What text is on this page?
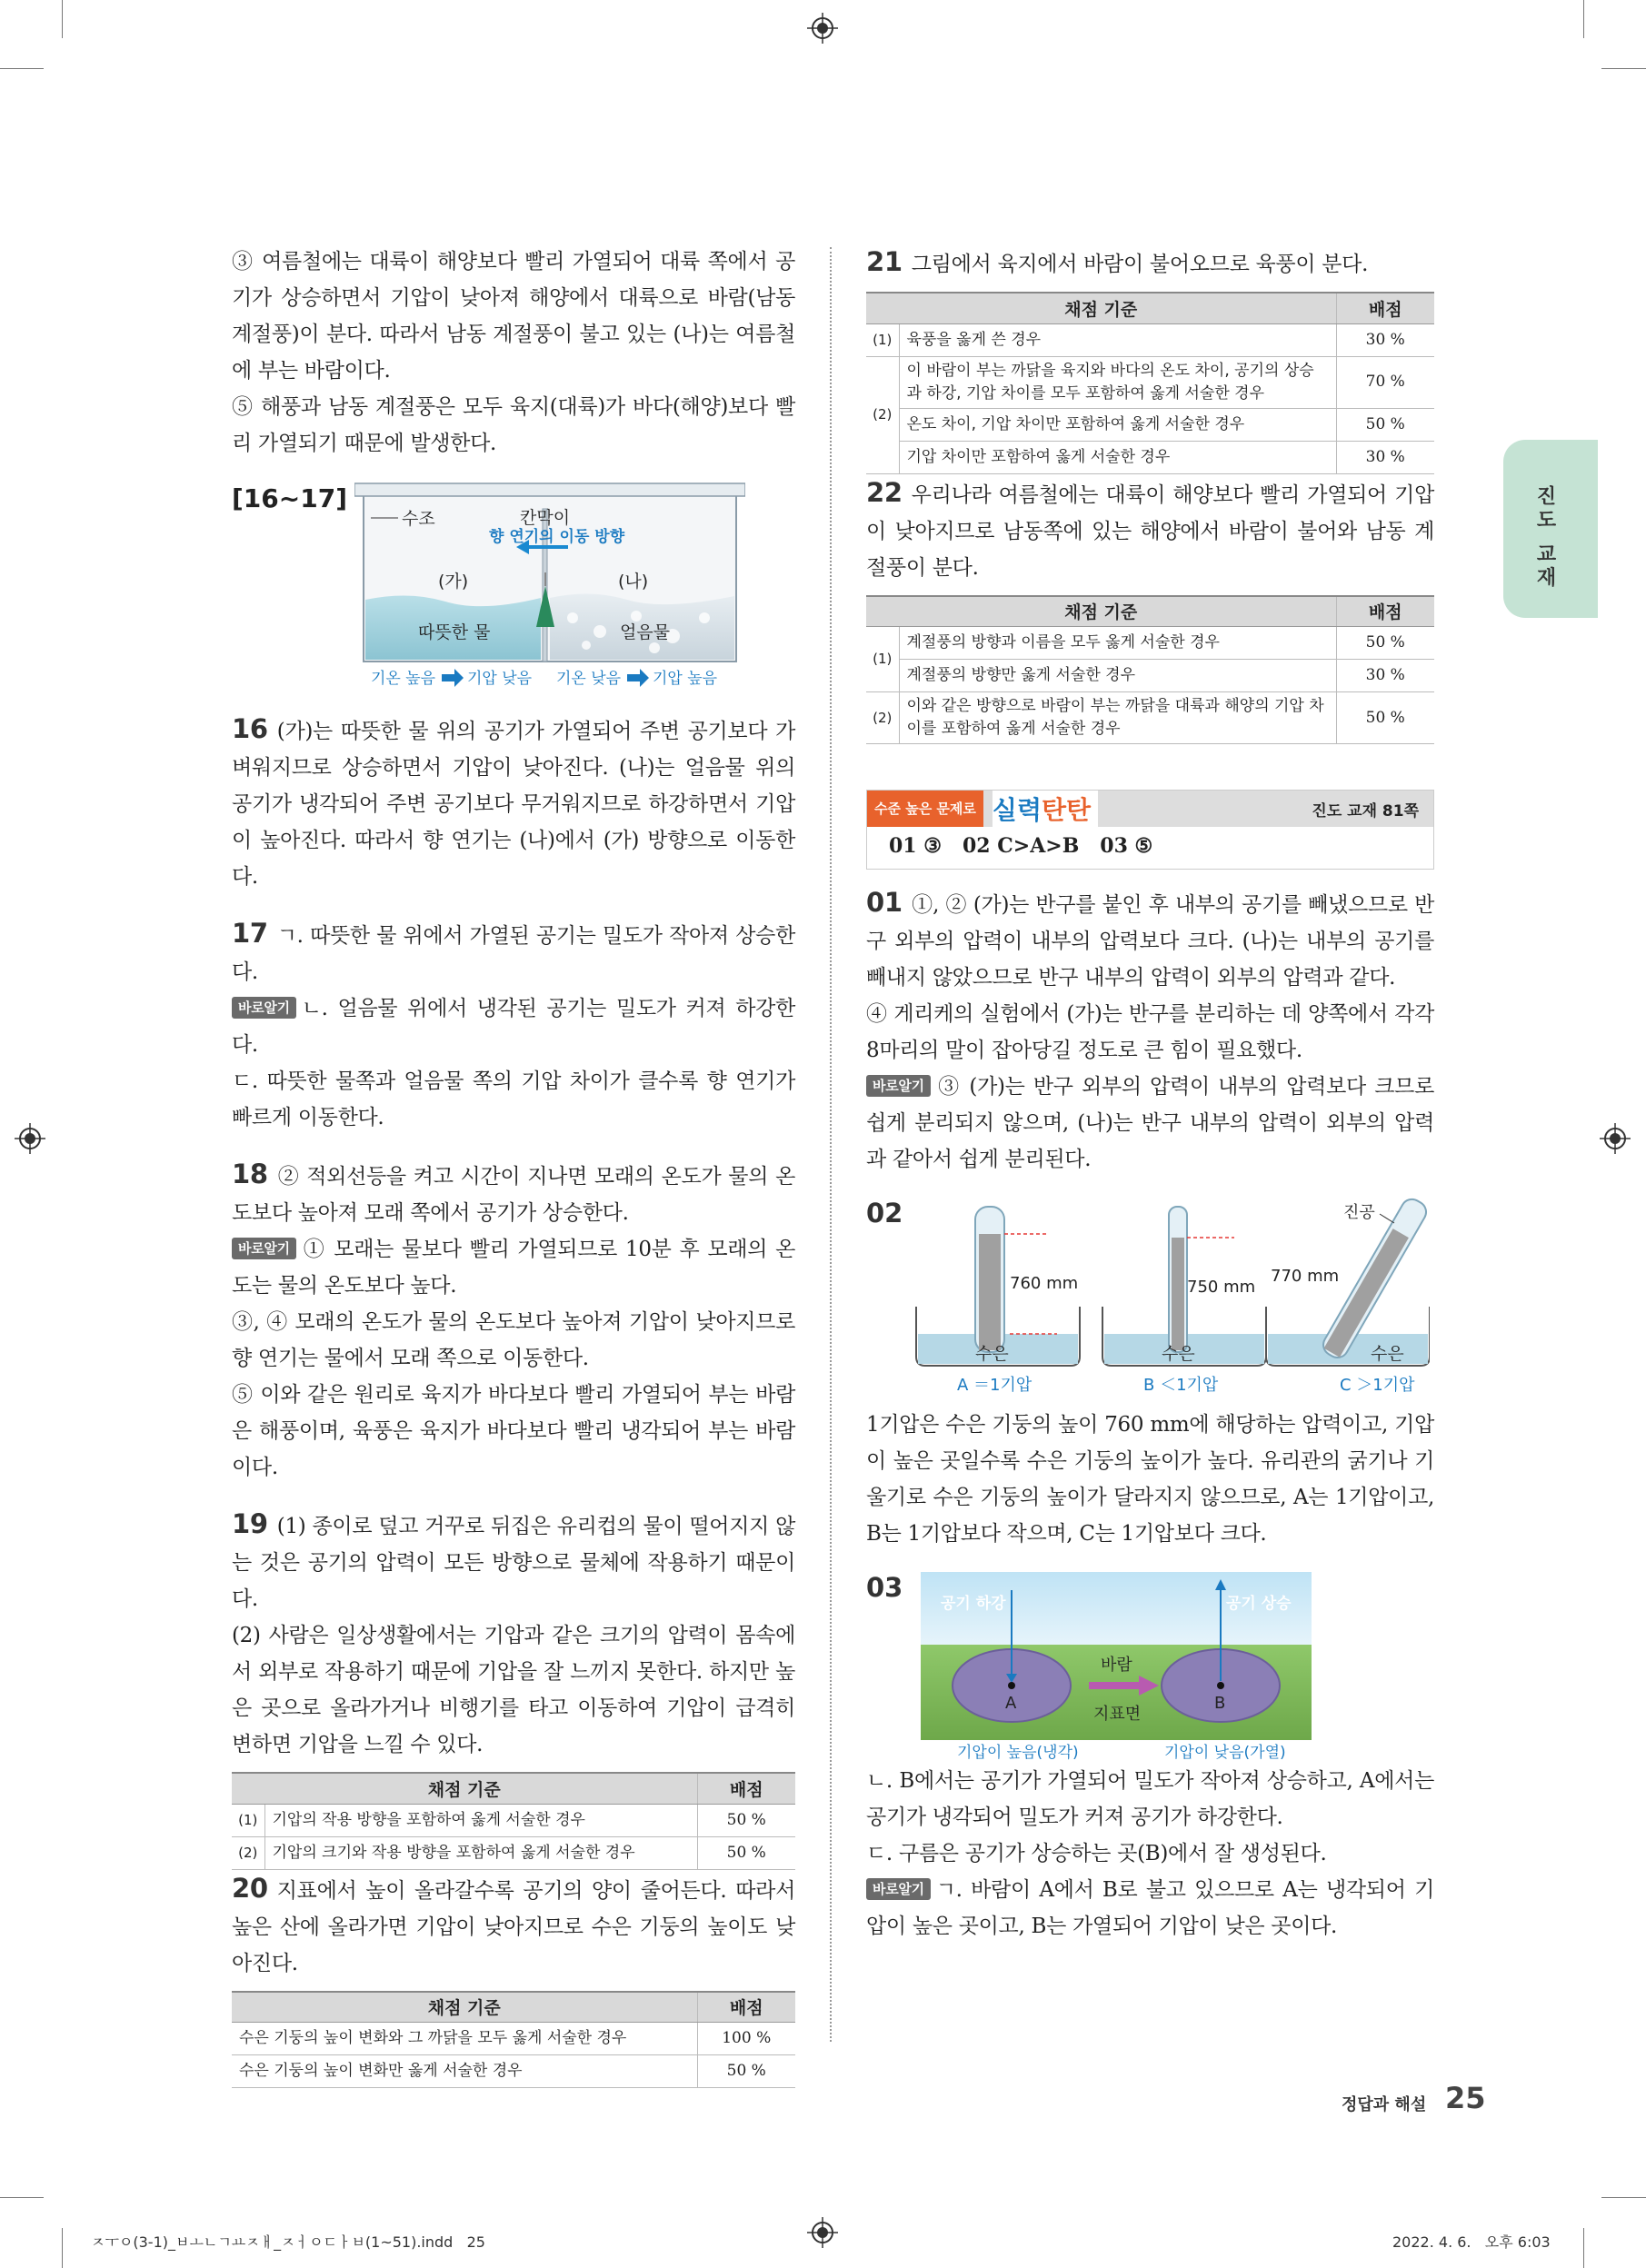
진도 교재

③ 여름철에는 대륙이 해양보다 빨리 가열되어 대륙 쪽에서 공기가 상승하면서 기압이 낮아져 해양에서 대륙으로 바람(남동 계절풍)이 분다. 따라서 남동 계절풍이 불고 있는 (나)는 여름철에 부는 바람이다.

⑤ 해풍과 남동 계절풍은 모두 육지(대륙)가 바다(해양)보다 빨리 가열되기 때문에 발생한다.

[16~17]
수조	칸막이
향 연기의 이동 방향
(가)	(나)
따뜻한 물	얼음물
기온 높음 기압 낮음 기온 낮음 기압 높음

16 (가)는 따뜻한 물 위의 공기가 가열되어 주변 공기보다 가벼워지므로 상승하면서 기압이 낮아진다. (나)는 얼음물 위의 공기가 냉각되어 주변 공기보다 무거워지므로 하강하면서 기압이 높아진다. 따라서 향 연기는 (나)에서 (가) 방향으로 이동한다.

17 ㄱ. 따뜻한 물 위에서 가열된 공기는 밀도가 작아져 상승한다.

바로알기 ㄴ. 얼음물 위에서 냉각된 공기는 밀도가 커져 하강한다.

ㄷ. 따뜻한 물쪽과 얼음물 쪽의 기압 차이가 클수록 향 연기가 빠르게 이동한다.

18 ② 적외선등을 켜고 시간이 지나면 모래의 온도가 물의 온도보다 높아져 모래 쪽에서 공기가 상승한다.

바로알기 ① 모래는 물보다 빨리 가열되므로 10분 후 모래의 온도는 물의 온도보다 높다.

③, ④ 모래의 온도가 물의 온도보다 높아져 기압이 낮아지므로 향 연기는 물에서 모래 쪽으로 이동한다.

⑤ 이와 같은 원리로 육지가 바다보다 빨리 가열되어 부는 바람은 해풍이며, 육풍은 육지가 바다보다 빨리 냉각되어 부는 바람이다.

19 (1) 종이로 덮고 거꾸로 뒤집은 유리컵의 물이 떨어지지 않는 것은 공기의 압력이 모든 방향으로 물체에 작용하기 때문이다.

(2) 사람은 일상생활에서는 기압과 같은 크기의 압력이 몸속에서 외부로 작용하기 때문에 기압을 잘 느끼지 못한다. 하지만 높은 곳으로 올라가거나 비행기를 타고 이동하여 기압이 급격히 변하면 기압을 느낄 수 있다.

채점 기준		배점
(1)	기압의 작용 방향을 포함하여 옳게 서술한 경우	50 %
(2)	기압의 크기와 작용 방향을 포함하여 옳게 서술한 경우	50 %

20 지표에서 높이 올라갈수록 공기의 양이 줄어든다. 따라서 높은 산에 올라가면 기압이 낮아지므로 수은 기둥의 높이도 낮아진다.

채점 기준	배점
수은 기둥의 높이 변화와 그 까닭을 모두 옳게 서술한 경우	100 %
수은 기둥의 높이 변화만 옳게 서술한 경우	50 %

21 그림에서 육지에서 바람이 불어오므로 육풍이 분다.

채점 기준		배점
(1)	육풍을 옳게 쓴 경우	30 %
(2)	이 바람이 부는 까닭을 육지와 바다의 온도 차이, 공기의 상승과 하강, 기압 차이를 모두 포함하여 옳게 서술한 경우	70 %
	온도 차이, 기압 차이만 포함하여 옳게 서술한 경우	50 %
	기압 차이만 포함하여 옳게 서술한 경우	30 %

22 우리나라 여름철에는 대륙이 해양보다 빨리 가열되어 기압이 낮아지므로 남동쪽에 있는 해양에서 바람이 불어와 남동 계절풍이 분다.

채점 기준		배점
(1)	계절풍의 방향과 이름을 모두 옳게 서술한 경우	50 %
	계절풍의 방향만 옳게 서술한 경우	30 %
(2)	이와 같은 방향으로 바람이 부는 까닭을 대륙과 해양의 기압 차이를 포함하여 옳게 서술한 경우	50 %
수준 높은 문제로 실력 탄탄	진도 교재 81쪽
01 ③   02 C>A>B   03 ⑤

01 ①, ② (가)는 반구를 붙인 후 내부의 공기를 빼냈으므로 반구 외부의 압력이 내부의 압력보다 크다. (나)는 내부의 공기를 빼내지 않았으므로 반구 내부의 압력이 외부의 압력과 같다.

④ 게리케의 실험에서 (가)는 반구를 분리하는 데 양쪽에서 각각 8마리의 말이 잡아당길 정도로 큰 힘이 필요했다.

바로알기 ③ (가)는 반구 외부의 압력이 내부의 압력보다 크므로 쉽게 분리되지 않으며, (나)는 반구 내부의 압력이 외부의 압력과 같아서 쉽게 분리된다.

02
760 mm
수은
A ＝1기압
750 mm
수은
B ＜1기압
진공
770 mm
수은
C ＞1기압

1기압은 수은 기둥의 높이 760 mm에 해당하는 압력이고, 기압이 높은 곳일수록 수은 기둥의 높이가 높다. 유리관의 굵기나 기울기로 수은 기둥의 높이가 달라지지 않으므로, A는 1기압이고, B는 1기압보다 작으며, C는 1기압보다 크다.

03
공기 하강	공기 상승
바람
A	B
지표면
기압이 높음(냉각)	기압이 낮음(가열)

ㄴ. B에서는 공기가 가열되어 밀도가 작아져 상승하고, A에서는 공기가 냉각되어 밀도가 커져 공기가 하강한다.

ㄷ. 구름은 공기가 상승하는 곳(B)에서 잘 생성된다.

바로알기 ㄱ. 바람이 A에서 B로 불고 있으므로 A는 냉각되어 기압이 높은 곳이고, B는 가열되어 기압이 낮은 곳이다.

정답과 해설 25
ㅈㅜㅇ(3-1)_ㅂㅗㄴㄱㅛㅈㅐ_ㅈㅓㅇㄷㅏㅂ(1~51).indd   25	2022. 4. 6.   오후 6:03
